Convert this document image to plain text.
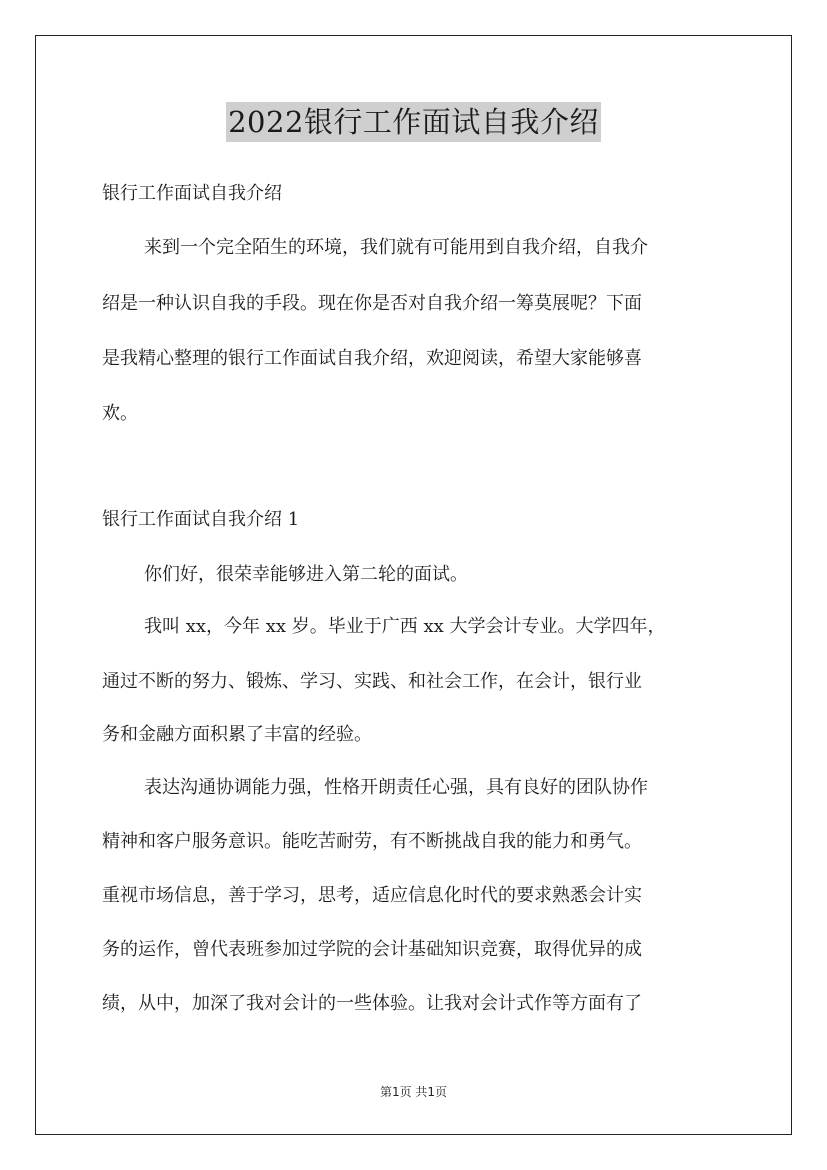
2022银行工作面试自我介绍
银行工作面试自我介绍
来到一个完全陌生的环境，我们就有可能用到自我介绍，自我介
绍是一种认识自我的手段。现在你是否对自我介绍一筹莫展呢？下面
是我精心整理的银行工作面试自我介绍，欢迎阅读，希望大家能够喜
欢。
银行工作面试自我介绍 1
你们好，很荣幸能够进入第二轮的面试。
我叫 xx，今年 xx 岁。毕业于广西 xx 大学会计专业。大学四年，
通过不断的努力、锻炼、学习、实践、和社会工作，在会计，银行业
务和金融方面积累了丰富的经验。
表达沟通协调能力强，性格开朗责任心强，具有良好的团队协作
精神和客户服务意识。能吃苦耐劳，有不断挑战自我的能力和勇气。
重视市场信息，善于学习，思考，适应信息化时代的要求熟悉会计实
务的运作，曾代表班参加过学院的会计基础知识竞赛，取得优异的成
绩，从中，加深了我对会计的一些体验。让我对会计式作等方面有了
第1页 共1页
